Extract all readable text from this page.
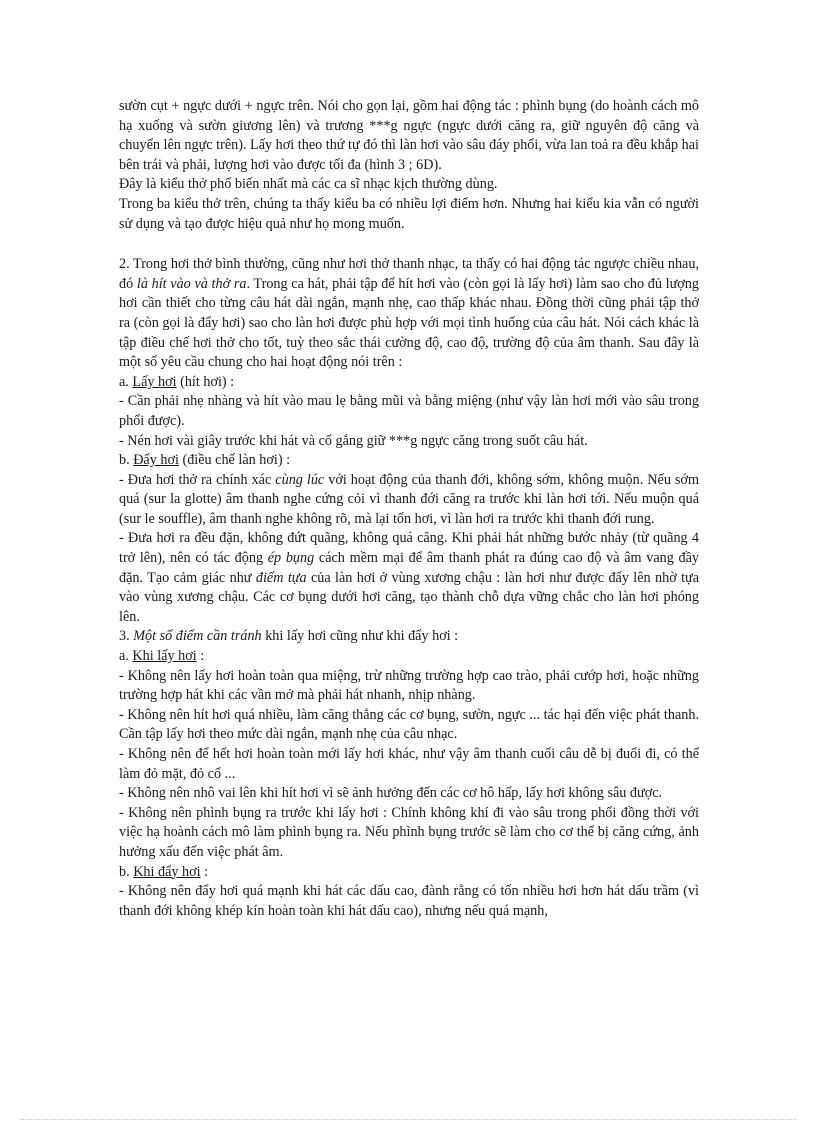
sườn cụt + ngực dưới + ngực trên. Nói cho gọn lại, gồm hai động tác : phình bụng (do hoành cách mô hạ xuống và sườn giương lên) và trương ***g ngực (ngực dưới căng ra, giữ nguyên độ căng và chuyển lên ngực trên). Lấy hơi theo thứ tự đó thì làn hơi vào sâu đáy phổi, vừa lan toả ra đều khắp hai bên trái và phải, lượng hơi vào được tối đa (hình 3 ; 6D).

Đây là kiểu thở phổ biến nhất mà các ca sĩ nhạc kịch thường dùng.

Trong ba kiểu thở trên, chúng ta thấy kiểu ba có nhiều lợi điểm hơn. Nhưng hai kiểu kia vẫn có người sử dụng và tạo được hiệu quả như họ mong muốn.

2. Trong hơi thở bình thường, cũng như hơi thở thanh nhạc, ta thấy có hai động tác ngược chiều nhau, đó là hít vào và thở ra. Trong ca hát, phải tập để hít hơi vào (còn gọi là lấy hơi) làm sao cho đủ lượng hơi cần thiết cho từng câu hát dài ngắn, mạnh nhẹ, cao thấp khác nhau. Đồng thời cũng phải tập thở ra (còn gọi là đẩy hơi) sao cho làn hơi được phù hợp với mọi tình huống của câu hát. Nói cách khác là tập điều chế hơi thở cho tốt, tuỳ theo sắc thái cường độ, cao độ, trường độ của âm thanh. Sau đây là một số yêu cầu chung cho hai hoạt động nói trên :

a. Lấy hơi (hít hơi) :

- Cần phải nhẹ nhàng và hít vào mau lẹ bằng mũi và bằng miệng (như vậy làn hơi mới vào sâu trong phổi được).

- Nén hơi vài giây trước khi hát và cố gắng giữ ***g ngực căng trong suốt câu hát.

b. Đẩy hơi (điều chế làn hơi) :

- Đưa hơi thở ra chính xác cùng lúc với hoạt động của thanh đới, không sớm, không muộn. Nếu sớm quá (sur la glotte) âm thanh nghe cứng cỏi vì thanh đới căng ra trước khi làn hơi tới. Nếu muộn quá (sur le souffle), âm thanh nghe không rõ, mà lại tốn hơi, vì làn hơi ra trước khi thanh đới rung.

- Đưa hơi ra đều đặn, không đứt quãng, không quá căng. Khi phải hát những bước nhảy (từ quãng 4 trở lên), nên có tác động ép bụng cách mềm mại để âm thanh phát ra đúng cao độ và âm vang đầy đặn. Tạo cảm giác như điểm tựa của làn hơi ở vùng xương chậu : làn hơi như được đẩy lên nhờ tựa vào vùng xương chậu. Các cơ bụng dưới hơi căng, tạo thành chỗ dựa vững chắc cho làn hơi phóng lên.

3. Một số điểm cần tránh khi lấy hơi cũng như khi đẩy hơi :

a. Khi lấy hơi :

- Không nên lấy hơi hoàn toàn qua miệng, trừ những trường hợp cao trào, phải cướp hơi, hoặc những trường hợp hát khi các vần mở mà phải hát nhanh, nhịp nhàng.

- Không nên hít hơi quá nhiều, làm căng thẳng các cơ bụng, sườn, ngực ... tác hại đến việc phát thanh. Cần tập lấy hơi theo mức dài ngắn, mạnh nhẹ của câu nhạc.

- Không nên để hết hơi hoàn toàn mới lấy hơi khác, như vậy âm thanh cuối câu dễ bị đuối đi, có thể làm đỏ mặt, đỏ cổ ...

- Không nên nhô vai lên khi hít hơi vì sẽ ảnh hưởng đến các cơ hô hấp, lấy hơi không sâu được.

- Không nên phình bụng ra trước khi lấy hơi : Chính không khí đi vào sâu trong phổi đồng thời với việc hạ hoành cách mô làm phình bụng ra. Nếu phình bụng trước sẽ làm cho cơ thể bị căng cứng, ảnh hưởng xấu đến việc phát âm.

b. Khi đẩy hơi :

- Không nên đẩy hơi quá mạnh khi hát các dấu cao, đành rằng có tốn nhiều hơi hơn hát dấu trầm (vì thanh đới không khép kín hoàn toàn khi hát dấu cao), nhưng nếu quá mạnh,
